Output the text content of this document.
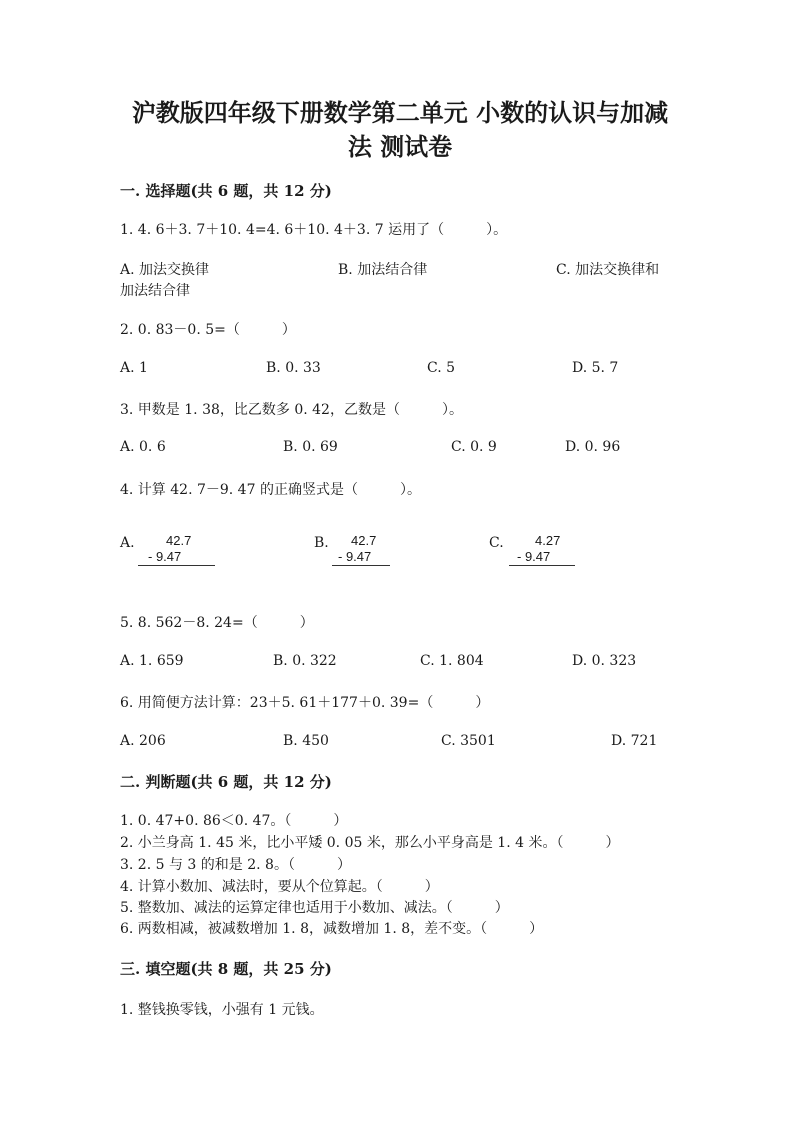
沪教版四年级下册数学第二单元 小数的认识与加减
法 测试卷
一. 选择题(共 6 题，共 12 分)
1. 4. 6＋3. 7＋10. 4=4. 6＋10. 4＋3. 7 运用了（　　　）。
A. 加法交换律	B. 加法结合律	C. 加法交换律和
加法结合律
2. 0. 83－0. 5=（　　　）
A. 1	B. 0. 33	C. 5	D. 5. 7
3. 甲数是 1. 38，比乙数多 0. 42，乙数是（　　　）。
A. 0. 6	B. 0. 69	C. 0. 9	D. 0. 96
4. 计算 42. 7－9. 47 的正确竖式是（　　　）。
A. 42.7
- 9.47
B. 42.7
- 9.47
C. 4.27
- 9.47
5. 8. 562－8. 24=（　　　）
A. 1. 659	B. 0. 322	C. 1. 804	D. 0. 323
6. 用简便方法计算：23＋5. 61＋177＋0. 39=（　　　）
A. 206	B. 450	C. 3501	D. 721
二. 判断题(共 6 题，共 12 分)
1. 0. 47+0. 86＜0. 47。（　　　）
2. 小兰身高 1. 45 米，比小平矮 0. 05 米，那么小平身高是 1. 4 米。（　　　）
3. 2. 5 与 3 的和是 2. 8。（　　　）
4. 计算小数加、减法时，要从个位算起。（　　　）
5. 整数加、减法的运算定律也适用于小数加、减法。（　　　）
6. 两数相减，被减数增加 1. 8，减数增加 1. 8，差不变。（　　　）
三. 填空题(共 8 题，共 25 分)
1. 整钱换零钱，小强有 1 元钱。
